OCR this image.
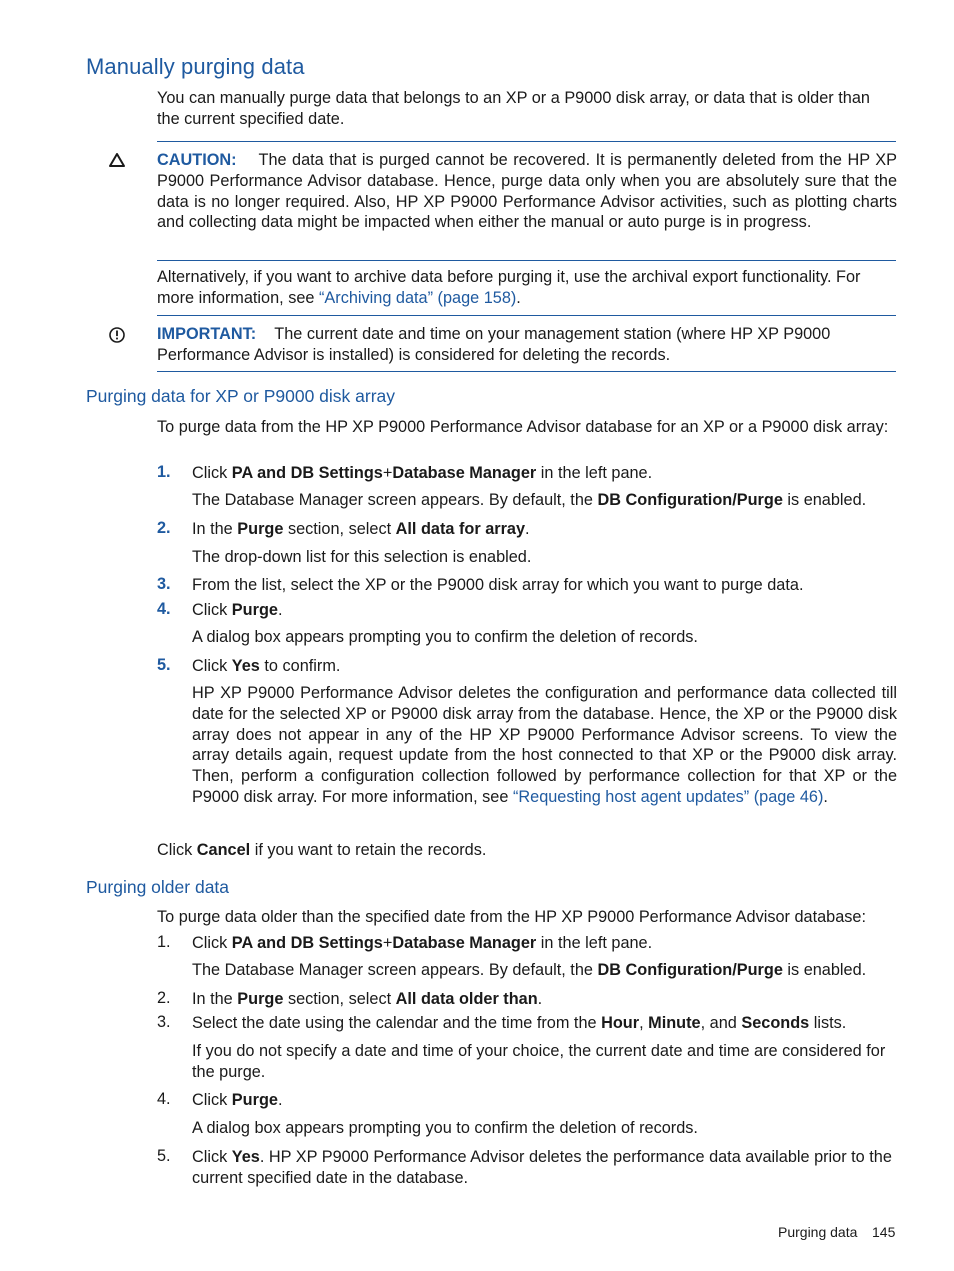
Manually purging data
You can manually purge data that belongs to an XP or a P9000 disk array, or data that is older than the current specified date.
CAUTION: The data that is purged cannot be recovered. It is permanently deleted from the HP XP P9000 Performance Advisor database. Hence, purge data only when you are absolutely sure that the data is no longer required. Also, HP XP P9000 Performance Advisor activities, such as plotting charts and collecting data might be impacted when either the manual or auto purge is in progress.
Alternatively, if you want to archive data before purging it, use the archival export functionality. For more information, see “Archiving data” (page 158).
IMPORTANT: The current date and time on your management station (where HP XP P9000 Performance Advisor is installed) is considered for deleting the records.
Purging data for XP or P9000 disk array
To purge data from the HP XP P9000 Performance Advisor database for an XP or a P9000 disk array:
1. Click PA and DB Settings+Database Manager in the left pane.
The Database Manager screen appears. By default, the DB Configuration/Purge is enabled.
2. In the Purge section, select All data for array.
The drop-down list for this selection is enabled.
3. From the list, select the XP or the P9000 disk array for which you want to purge data.
4. Click Purge.
A dialog box appears prompting you to confirm the deletion of records.
5. Click Yes to confirm.
HP XP P9000 Performance Advisor deletes the configuration and performance data collected till date for the selected XP or P9000 disk array from the database. Hence, the XP or the P9000 disk array does not appear in any of the HP XP P9000 Performance Advisor screens. To view the array details again, request update from the host connected to that XP or the P9000 disk array. Then, perform a configuration collection followed by performance collection for that XP or the P9000 disk array. For more information, see “Requesting host agent updates” (page 46).
Click Cancel if you want to retain the records.
Purging older data
To purge data older than the specified date from the HP XP P9000 Performance Advisor database:
1. Click PA and DB Settings+Database Manager in the left pane.
The Database Manager screen appears. By default, the DB Configuration/Purge is enabled.
2. In the Purge section, select All data older than.
3. Select the date using the calendar and the time from the Hour, Minute, and Seconds lists.
If you do not specify a date and time of your choice, the current date and time are considered for the purge.
4. Click Purge.
A dialog box appears prompting you to confirm the deletion of records.
5. Click Yes. HP XP P9000 Performance Advisor deletes the performance data available prior to the current specified date in the database.
Purging data 145
